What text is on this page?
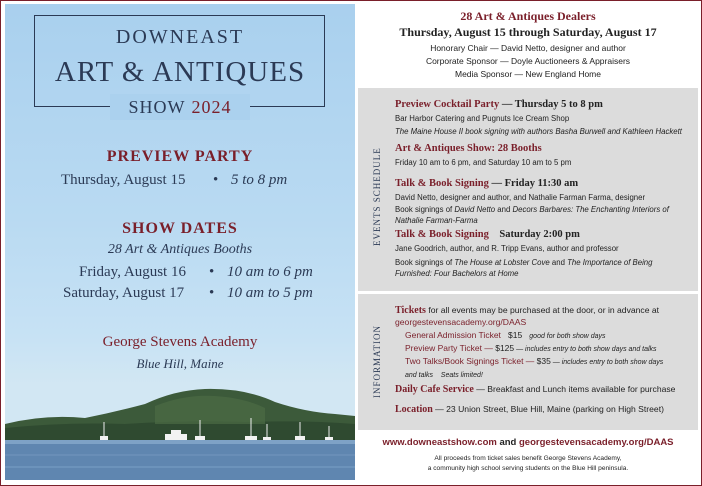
DOWNEAST
ART & ANTIQUES
SHOW 2024
PREVIEW PARTY
Thursday, August 15 • 5 to 8 pm
SHOW DATES
28 Art & Antiques Booths
Friday, August 16 • 10 am to 6 pm
Saturday, August 17 • 10 am to 5 pm
George Stevens Academy
Blue Hill, Maine
28 Art & Antiques Dealers
Thursday, August 15 through Saturday, August 17
Honorary Chair — David Netto, designer and author
Corporate Sponsor — Doyle Auctioneers & Appraisers
Media Sponsor — New England Home
EVENTS SCHEDULE
Preview Cocktail Party — Thursday 5 to 8 pm
Bar Harbor Catering and Pugnuts Ice Cream Shop
The Maine House II book signing with authors Basha Burwell and Kathleen Hackett
Art & Antiques Show: 28 Booths
Friday 10 am to 6 pm, and Saturday 10 am to 5 pm
Talk & Book Signing — Friday 11:30 am
David Netto, designer and author, and Nathalie Farman Farma, designer
Book signings of David Netto and Decors Barbares: The Enchanting Interiors of
Nathalie Farman-Farma
Talk & Book Signing    Saturday 2:00 pm
Jane Goodrich, author, and R. Tripp Evans, author and professor
Book signings of The House at Lobster Cove and The Importance of Being
Furnished: Four Bachelors at Home
INFORMATION
Tickets for all events may be purchased at the door, or in advance at
georgestevensacademy.org/DAAS
General Admission Ticket $15 good for both show days
Preview Party Ticket — $125 — includes entry to both show days and talks
Two Talks/Book Signings Ticket — $35 — includes entry to both show days
and talks    Seats limited!
Daily Cafe Service — Breakfast and Lunch items available for purchase
Location — 23 Union Street, Blue Hill, Maine (parking on High Street)
www.downeastshow.com and georgestevensacademy.org/DAAS
All proceeds from ticket sales benefit George Stevens Academy,
a community high school serving students on the Blue Hill peninsula.
